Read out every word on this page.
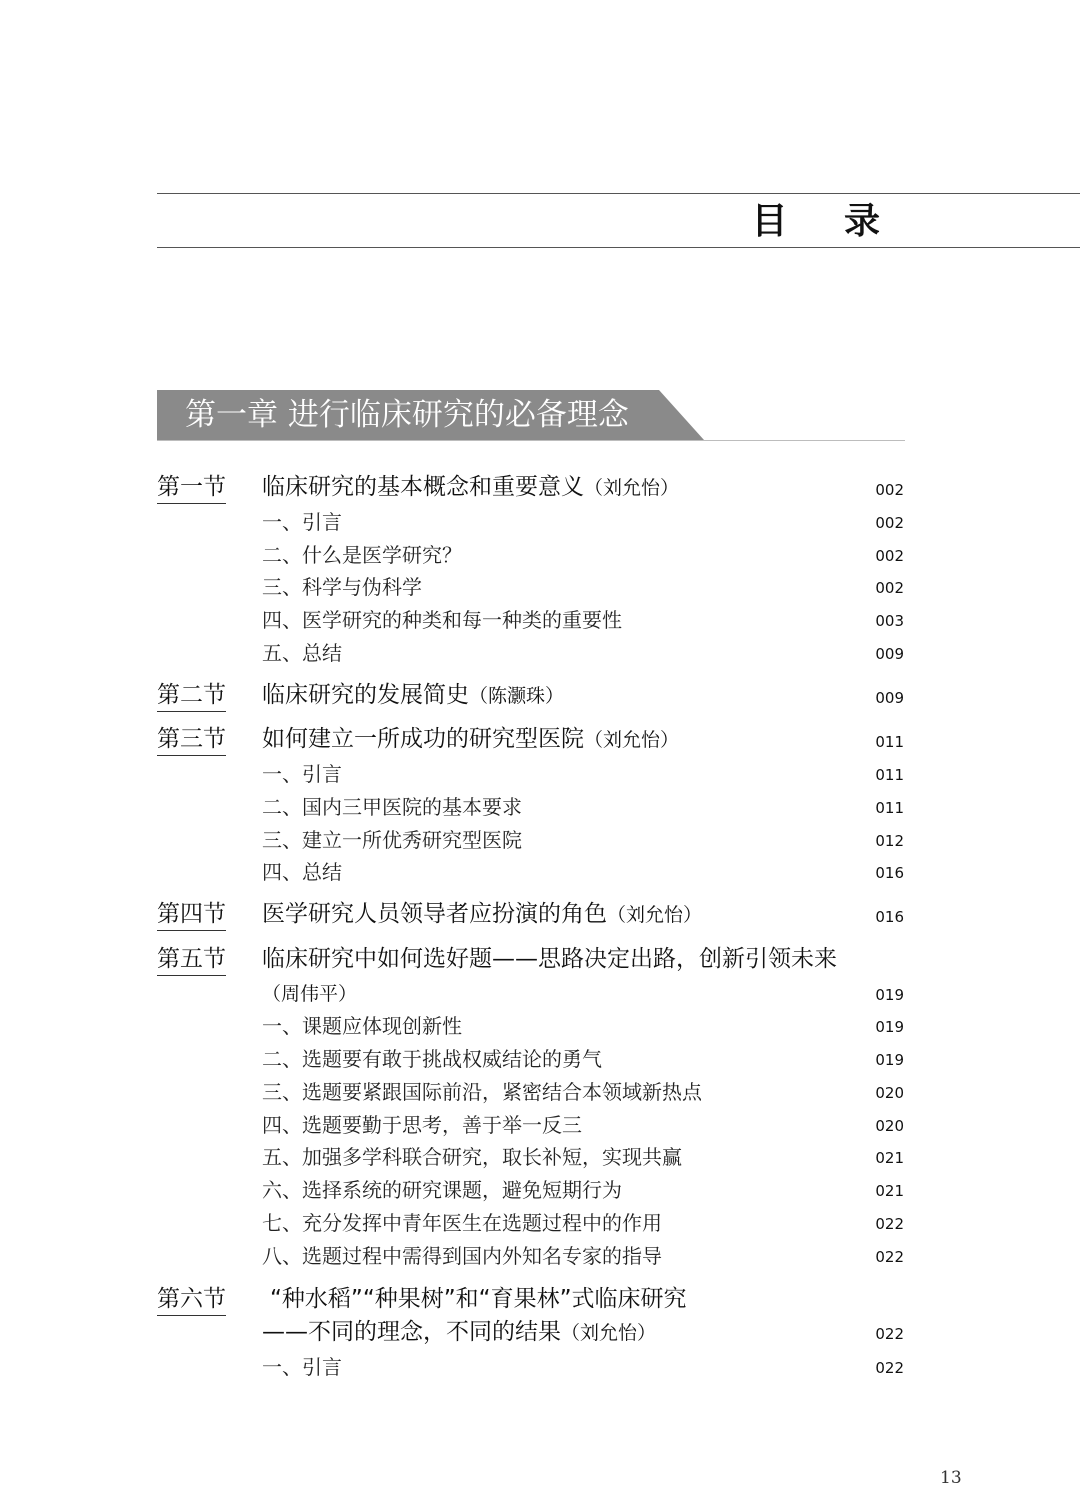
目 录
第一章 进行临床研究的必备理念
第一节 临床研究的基本概念和重要意义（刘允怡）	002
一、引言	002
二、什么是医学研究？	002
三、科学与伪科学	002
四、医学研究的种类和每一种类的重要性	003
五、总结	009
第二节 临床研究的发展简史（陈灏珠）	009
第三节 如何建立一所成功的研究型医院（刘允怡）	011
一、引言	011
二、国内三甲医院的基本要求	011
三、建立一所优秀研究型医院	012
四、总结	016
第四节 医学研究人员领导者应扮演的角色（刘允怡）	016
第五节 临床研究中如何选好题——思路决定出路，创新引领未来
（周伟平）	019
一、课题应体现创新性	019
二、选题要有敢于挑战权威结论的勇气	019
三、选题要紧跟国际前沿，紧密结合本领域新热点	020
四、选题要勤于思考，善于举一反三	020
五、加强多学科联合研究，取长补短，实现共赢	021
六、选择系统的研究课题，避免短期行为	021
七、充分发挥中青年医生在选题过程中的作用	022
八、选题过程中需得到国内外知名专家的指导	022
第六节 “种水稻”“种果树”和“育果林”式临床研究
——不同的理念，不同的结果（刘允怡）	022
一、引言	022
13
